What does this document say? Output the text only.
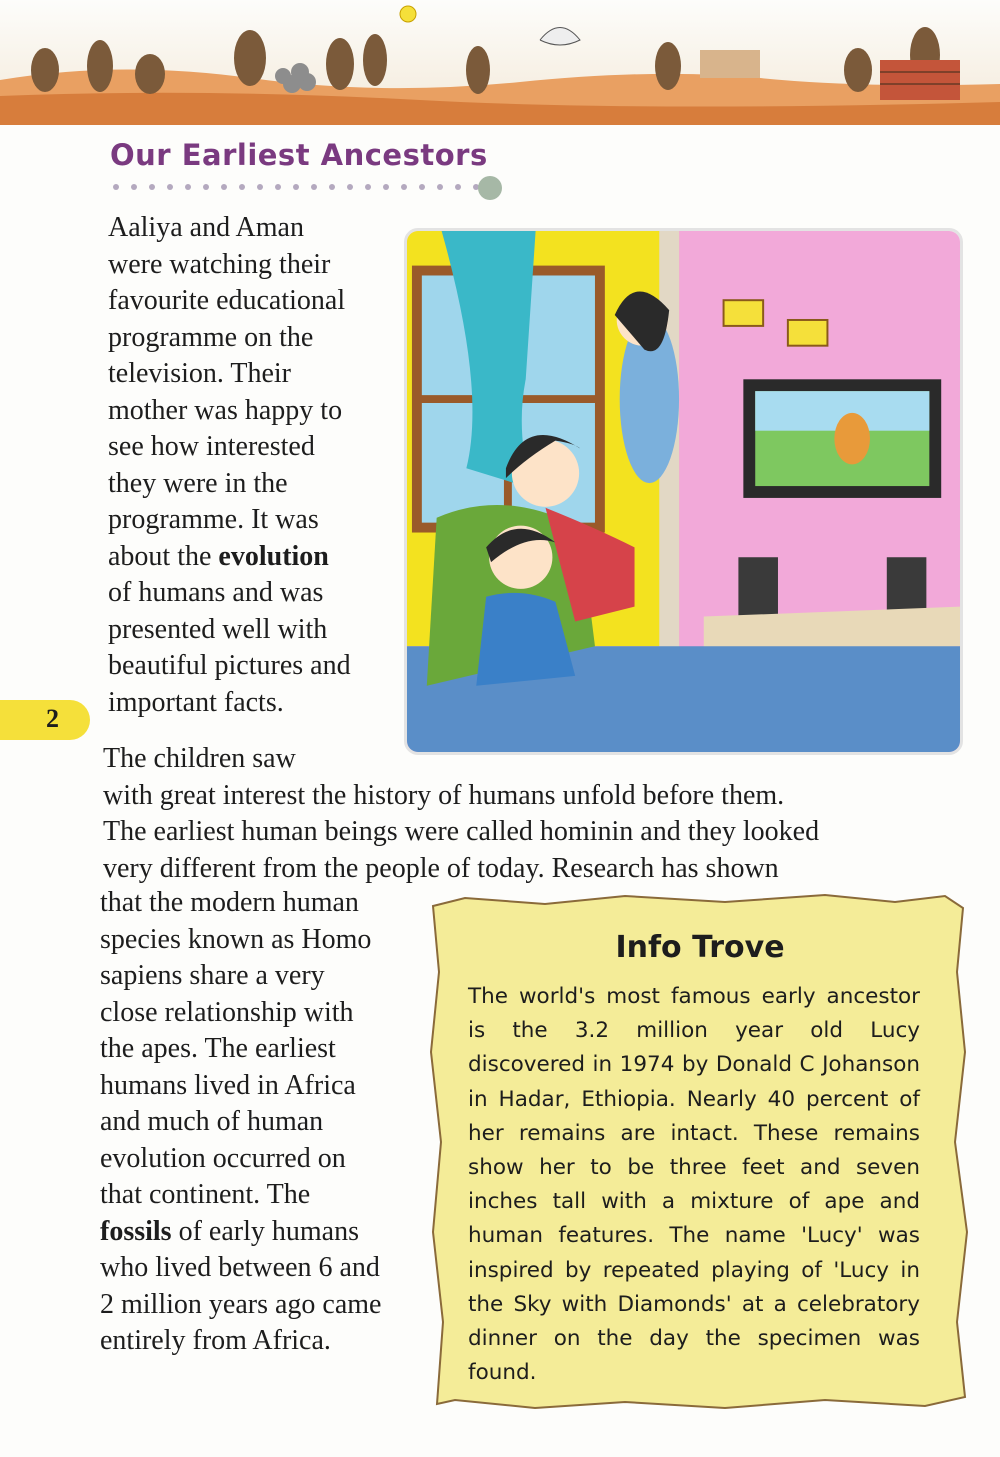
Our Earliest Ancestors

Aaliya and Aman
were watching their
favourite educational
programme on the
television. Their
mother was happy to
see how interested
they were in the
programme. It was
about the evolution
of humans and was
presented well with
beautiful pictures and
important facts.

2

The children saw
with great interest the history of humans unfold before them.
The earliest human beings were called hominin and they looked
very different from the people of today. Research has shown

that the modern human
species known as Homo
sapiens share a very
close relationship with
the apes. The earliest
humans lived in Africa
and much of human
evolution occurred on
that continent. The
fossils of early humans
who lived between 6 and
2 million years ago came
entirely from Africa.

Info Trove

The world's most famous early ancestor is the 3.2 million year old Lucy discovered in 1974 by Donald C Johanson in Hadar, Ethiopia. Nearly 40 percent of her remains are intact. These remains show her to be three feet and seven inches tall with a mixture of ape and human features. The name 'Lucy' was inspired by repeated playing of 'Lucy in the Sky with Diamonds' at a celebratory dinner on the day the specimen was found.
